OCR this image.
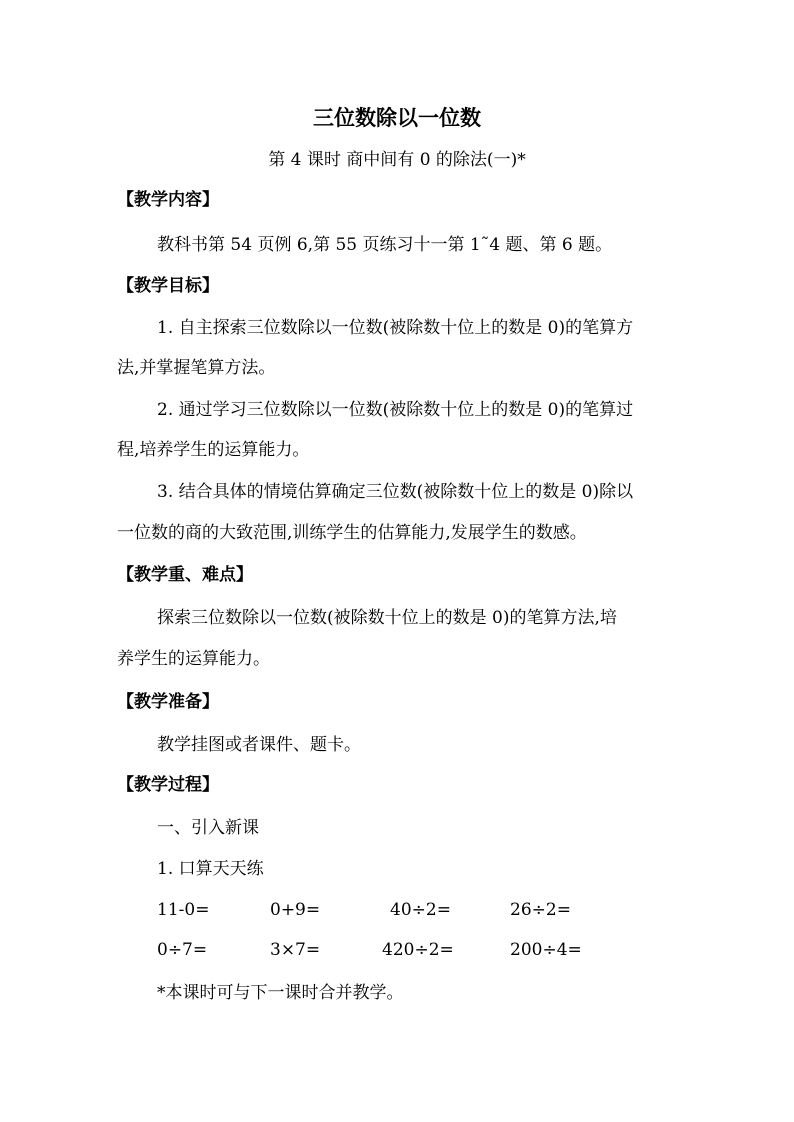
三位数除以一位数
第 4 课时 商中间有 0 的除法(一)*
【教学内容】
教科书第 54 页例 6,第 55 页练习十一第 1˜4 题、第 6 题。
【教学目标】
1. 自主探索三位数除以一位数(被除数十位上的数是 0)的笔算方
法,并掌握笔算方法。
2. 通过学习三位数除以一位数(被除数十位上的数是 0)的笔算过
程,培养学生的运算能力。
3. 结合具体的情境估算确定三位数(被除数十位上的数是 0)除以
一位数的商的大致范围,训练学生的估算能力,发展学生的数感。
【教学重、难点】
探索三位数除以一位数(被除数十位上的数是 0)的笔算方法,培
养学生的运算能力。
【教学准备】
教学挂图或者课件、题卡。
【教学过程】
一、引入新课
1. 口算天天练
11-0=	0+9=	40÷2=	26÷2=
0÷7=	3×7=	420÷2=	200÷4=
*本课时可与下一课时合并教学。
